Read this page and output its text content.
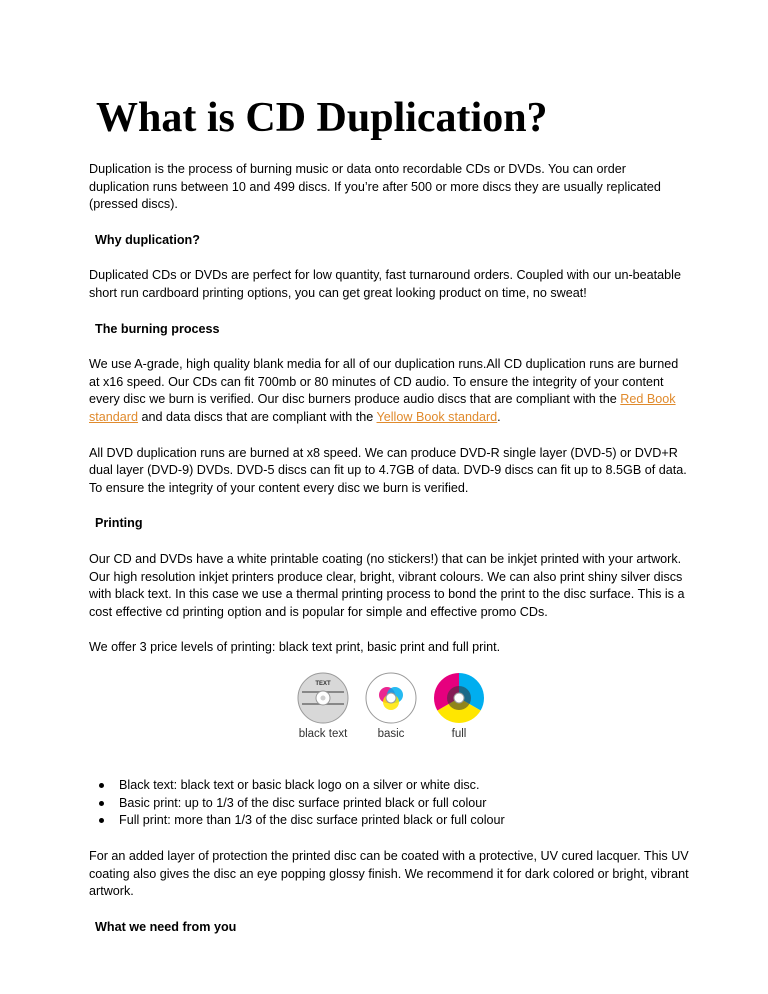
What is CD Duplication?

Duplication is the process of burning music or data onto recordable CDs or DVDs. You can order duplication runs between 10 and 499 discs. If you’re after 500 or more discs they are usually replicated (pressed discs).

Why duplication?

Duplicated CDs or DVDs are perfect for low quantity, fast turnaround orders. Coupled with our un-beatable short run cardboard printing options, you can get great looking product on time, no sweat!

The burning process

We use A-grade, high quality blank media for all of our duplication runs.All CD duplication runs are burned at x16 speed. Our CDs can fit 700mb or 80 minutes of CD audio. To ensure the integrity of your content every disc we burn is verified. Our disc burners produce audio discs that are compliant with the Red Book standard and data discs that are compliant with the Yellow Book standard.

All DVD duplication runs are burned at x8 speed. We can produce DVD-R single layer (DVD-5) or DVD+R dual layer (DVD-9) DVDs. DVD-5 discs can fit up to 4.7GB of data. DVD-9 discs can fit up to 8.5GB of data. To ensure the integrity of your content every disc we burn is verified.

Printing

Our CD and DVDs have a white printable coating (no stickers!) that can be inkjet printed with your artwork. Our high resolution inkjet printers produce clear, bright, vibrant colours. We can also print shiny silver discs with black text. In this case we use a thermal printing process to bond the print to the disc surface. This is a cost effective cd printing option and is popular for simple and effective promo CDs.

We offer 3 price levels of printing: black text print, basic print and full print.

TEXT
black text	basic	full
Black text: black text or basic black logo on a silver or white disc.
Basic print: up to 1/3 of the disc surface printed black or full colour
Full print: more than 1/3 of the disc surface printed black or full colour

For an added layer of protection the printed disc can be coated with a protective, UV cured lacquer. This UV coating also gives the disc an eye popping glossy finish. We recommend it for dark colored or bright, vibrant artwork.

What we need from you
